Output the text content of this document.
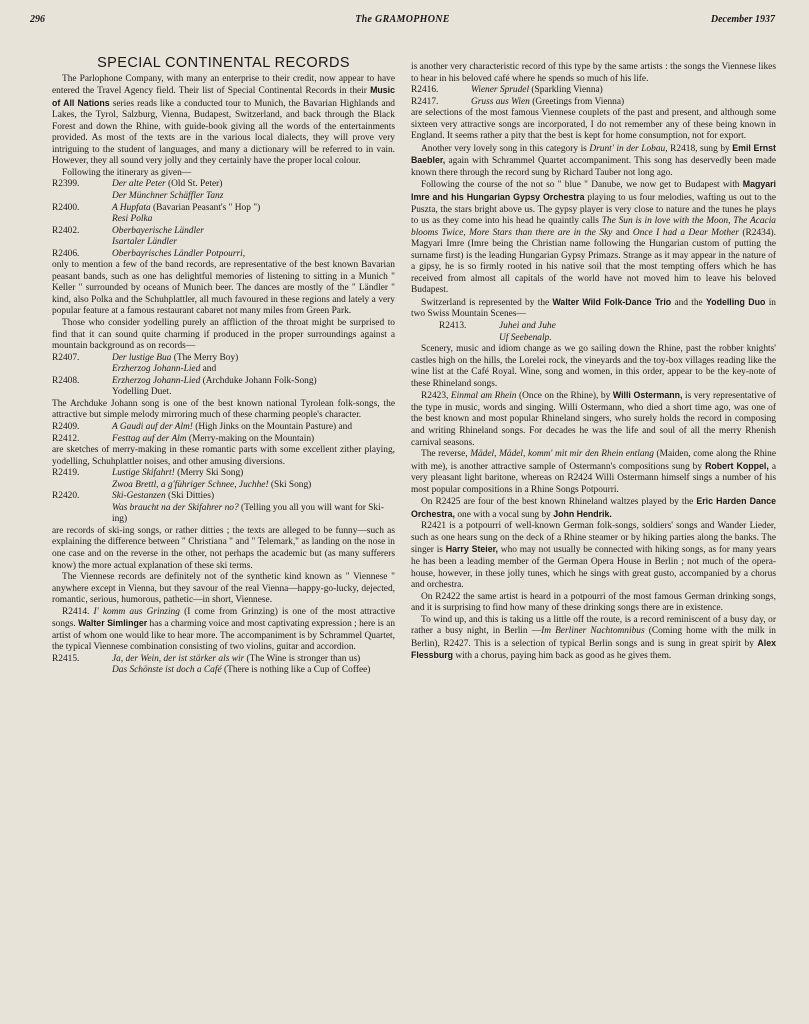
296	The GRAMOPHONE	December 1937
SPECIAL CONTINENTAL RECORDS

The Parlophone Company, with many an enterprise to their credit, now appear to have entered the Travel Agency field. Their list of Special Continental Records in their Music of All Nations series reads like a conducted tour to Munich, the Bavarian Highlands and Lakes, the Tyrol, Salzburg, Vienna, Budapest, Switzerland, and back through the Black Forest and down the Rhine, with guide-book giving all the words of the entertainments provided. As most of the texts are in the various local dialects, they will prove very intriguing to the student of languages, and many a dictionary will be referred to in vain. However, they all sound very jolly and they certainly have the proper local colour.

Following the itinerary as given—

R2399.	Der alte Peter (Old St. Peter)
Der Münchner Schäffler Tanz
R2400.	A Hupfata (Bavarian Peasant's " Hop ")
Resi Polka
R2402.	Oberbayerische Ländler
Isartaler Ländler
R2406.	Oberbayrisches Ländler Potpourri,

only to mention a few of the band records, are representative of the best known Bavarian peasant bands, such as one has delightful memories of listening to sitting in a Munich " Keller " surrounded by oceans of Munich beer. The dances are mostly of the " Ländler " kind, also Polka and the Schuhplattler, all much favoured in these regions and lately a very popular feature at a famous restaurant cabaret not many miles from Green Park.

Those who consider yodelling purely an affliction of the throat might be surprised to find that it can sound quite charming if produced in the proper surroundings against a mountain background as on records—

R2407.	Der lustige Bua (The Merry Boy)
Erzherzog Johann-Lied and
R2408.	Erzherzog Johann-Lied (Archduke Johann Folk-Song)
Yodelling Duet.

The Archduke Johann song is one of the best known national Tyrolean folk-songs, the attractive but simple melody mirroring much of these charming people's character.

R2409.	A Gaudi auf der Alm! (High Jinks on the Mountain Pasture) and
R2412.	Festtag auf der Alm (Merry-making on the Mountain)

are sketches of merry-making in these romantic parts with some excellent zither playing, yodelling, Schuhplattler noises, and other amusing diversions.

R2419.	Lustige Skifahrt! (Merry Ski Song)
Zwoa Brettl, a g'führiger Schnee, Juchhe! (Ski Song)
R2420.	Ski-Gestanzen (Ski Ditties)
Was braucht na der Skifahrer no? (Telling you all you will want for Ski-ing)

are records of ski-ing songs, or rather ditties ; the texts are alleged to be funny—such as explaining the difference between " Christiana " and " Telemark," as landing on the nose in one case and on the reverse in the other, not perhaps the academic but (as many sufferers know) the more actual explanation of these ski terms.

The Viennese records are definitely not of the synthetic kind known as " Viennese " anywhere except in Vienna, but they savour of the real Vienna—happy-go-lucky, dejected, romantic, serious, humorous, pathetic—in short, Viennese.

R2414. I' komm aus Grinzing (I come from Grinzing) is one of the most attractive songs. Walter Simlinger has a charming voice and most captivating expression ; here is an artist of whom one would like to hear more. The accompaniment is by Schrammel Quartet, the typical Viennese combination consisting of two violins, guitar and accordion.

R2415.	Ja, der Wein, der ist stärker als wir (The Wine is stronger than us)
Das Schönste ist doch a Café (There is nothing like a Cup of Coffee)

is another very characteristic record of this type by the same artists : the songs the Viennese likes to hear in his beloved café where he spends so much of his life.

R2416.	Wiener Sprudel (Sparkling Vienna)
R2417.	Gruss aus Wien (Greetings from Vienna)

are selections of the most famous Viennese couplets of the past and present, and although some sixteen very attractive songs are incorporated, I do not remember any of these being known in England. It seems rather a pity that the best is kept for home consumption, not for export.

Another very lovely song in this category is Drunt' in der Lobau, R2418, sung by Emil Ernst Baebler, again with Schrammel Quartet accompaniment. This song has deservedly been made known there through the record sung by Richard Tauber not long ago.

Following the course of the not so " blue " Danube, we now get to Budapest with Magyari Imre and his Hungarian Gypsy Orchestra playing to us four melodies, wafting us out to the Puszta, the stars bright above us. The gypsy player is very close to nature and the tunes he plays to us as they come into his head he quaintly calls The Sun is in love with the Moon, The Acacia blooms Twice, More Stars than there are in the Sky and Once I had a Dear Mother (R2434). Magyari Imre (Imre being the Christian name following the Hungarian custom of putting the surname first) is the leading Hungarian Gypsy Primazs. Strange as it may appear in the nature of a gipsy, he is so firmly rooted in his native soil that the most tempting offers which he has received from almost all capitals of the world have not moved him to leave his beloved Budapest.

Switzerland is represented by the Walter Wild Folk-Dance Trio and the Yodelling Duo in two Swiss Mountain Scenes—

R2413.	Juhei and Juhe
Uf Seebenalp.

Scenery, music and idiom change as we go sailing down the Rhine, past the robber knights' castles high on the hills, the Lorelei rock, the vineyards and the toy-box villages reading like the wine list at the Café Royal. Wine, song and women, in this order, appear to be the key-note of these Rhineland songs.

R2423, Einmal am Rhein (Once on the Rhine), by Willi Ostermann, is very representative of the type in music, words and singing. Willi Ostermann, who died a short time ago, was one of the best known and most popular Rhineland singers, who surely holds the record in composing and writing Rhineland songs. For decades he was the life and soul of all the merry Rhenish carnival seasons.

The reverse, Mädel, Mädel, komm' mit mir den Rhein entlang (Maiden, come along the Rhine with me), is another attractive sample of Ostermann's compositions sung by Robert Koppel, a very pleasant light baritone, whereas on R2424 Willi Ostermann himself sings a number of his most popular compositions in a Rhine Songs Potpourri.

On R2425 are four of the best known Rhineland waltzes played by the Eric Harden Dance Orchestra, one with a vocal sung by John Hendrik.

R2421 is a potpourri of well-known German folk-songs, soldiers' songs and Wander Lieder, such as one hears sung on the deck of a Rhine steamer or by hiking parties along the banks. The singer is Harry Steier, who may not usually be connected with hiking songs, as for many years he has been a leading member of the German Opera House in Berlin ; not much of the opera-house, however, in these jolly tunes, which he sings with great gusto, accompanied by a chorus and orchestra.

On R2422 the same artist is heard in a potpourri of the most famous German drinking songs, and it is surprising to find how many of these drinking songs there are in existence.

To wind up, and this is taking us a little off the route, is a record reminiscent of a busy day, or rather a busy night, in Berlin —Im Berliner Nachtomnibus (Coming home with the milk in Berlin), R2427. This is a selection of typical Berlin songs and is sung in great spirit by Alex Flessburg with a chorus, paying him back as good as he gives them.
